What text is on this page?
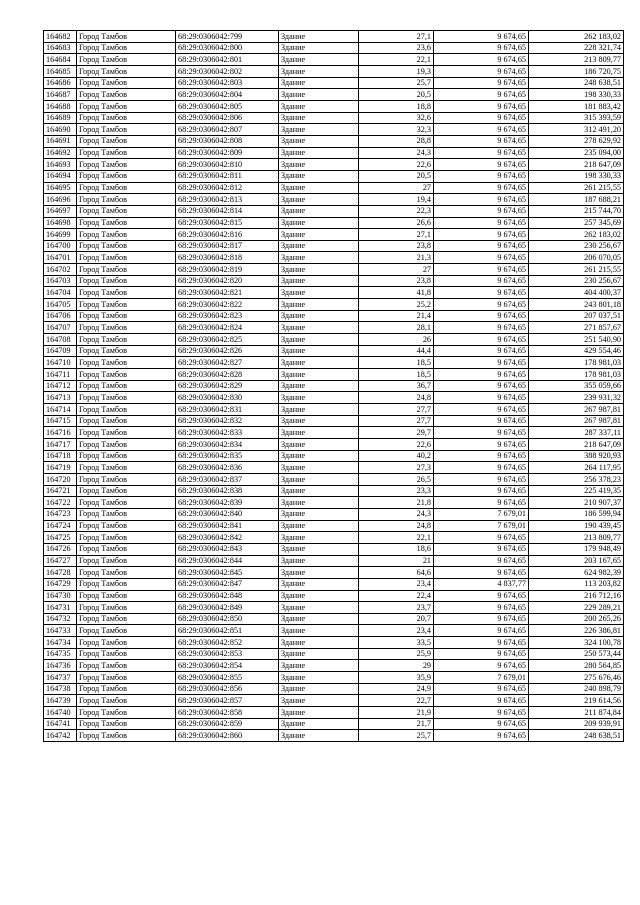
164682	Город Тамбов	68:29:0306042:799	Здание	27,1	9 674,65	262 183,02
164683	Город Тамбов	68:29:0306042:800	Здание	23,6	9 674,65	228 321,74
164684	Город Тамбов	68:29:0306042:801	Здание	22,1	9 674,65	213 809,77
164685	Город Тамбов	68:29:0306042:802	Здание	19,3	9 674,65	186 720,75
164686	Город Тамбов	68:29:0306042:803	Здание	25,7	9 674,65	248 638,51
164687	Город Тамбов	68:29:0306042:804	Здание	20,5	9 674,65	198 330,33
164688	Город Тамбов	68:29:0306042:805	Здание	18,8	9 674,65	181 883,42
164689	Город Тамбов	68:29:0306042:806	Здание	32,6	9 674,65	315 393,59
164690	Город Тамбов	68:29:0306042:807	Здание	32,3	9 674,65	312 491,20
164691	Город Тамбов	68:29:0306042:808	Здание	28,8	9 674,65	278 629,92
164692	Город Тамбов	68:29:0306042:809	Здание	24,3	9 674,65	235 094,00
164693	Город Тамбов	68:29:0306042:810	Здание	22,6	9 674,65	218 647,09
164694	Город Тамбов	68:29:0306042:811	Здание	20,5	9 674,65	198 330,33
164695	Город Тамбов	68:29:0306042:812	Здание	27	9 674,65	261 215,55
164696	Город Тамбов	68:29:0306042:813	Здание	19,4	9 674,65	187 688,21
164697	Город Тамбов	68:29:0306042:814	Здание	22,3	9 674,65	215 744,70
164698	Город Тамбов	68:29:0306042:815	Здание	26,6	9 674,65	257 345,69
164699	Город Тамбов	68:29:0306042:816	Здание	27,1	9 674,65	262 183,02
164700	Город Тамбов	68:29:0306042:817	Здание	23,8	9 674,65	230 256,67
164701	Город Тамбов	68:29:0306042:818	Здание	21,3	9 674,65	206 070,05
164702	Город Тамбов	68:29:0306042:819	Здание	27	9 674,65	261 215,55
164703	Город Тамбов	68:29:0306042:820	Здание	23,8	9 674,65	230 256,67
164704	Город Тамбов	68:29:0306042:821	Здание	41,8	9 674,65	404 400,37
164705	Город Тамбов	68:29:0306042:822	Здание	25,2	9 674,65	243 801,18
164706	Город Тамбов	68:29:0306042:823	Здание	21,4	9 674,65	207 037,51
164707	Город Тамбов	68:29:0306042:824	Здание	28,1	9 674,65	271 857,67
164708	Город Тамбов	68:29:0306042:825	Здание	26	9 674,65	251 540,90
164709	Город Тамбов	68:29:0306042:826	Здание	44,4	9 674,65	429 554,46
164710	Город Тамбов	68:29:0306042:827	Здание	18,5	9 674,65	178 981,03
164711	Город Тамбов	68:29:0306042:828	Здание	18,5	9 674,65	178 981,03
164712	Город Тамбов	68:29:0306042:829	Здание	36,7	9 674,65	355 059,66
164713	Город Тамбов	68:29:0306042:830	Здание	24,8	9 674,65	239 931,32
164714	Город Тамбов	68:29:0306042:831	Здание	27,7	9 674,65	267 987,81
164715	Город Тамбов	68:29:0306042:832	Здание	27,7	9 674,65	267 987,81
164716	Город Тамбов	68:29:0306042:833	Здание	29,7	9 674,65	287 337,11
164717	Город Тамбов	68:29:0306042:834	Здание	22,6	9 674,65	218 647,09
164718	Город Тамбов	68:29:0306042:835	Здание	40,2	9 674,65	388 920,93
164719	Город Тамбов	68:29:0306042:836	Здание	27,3	9 674,65	264 117,95
164720	Город Тамбов	68:29:0306042:837	Здание	26,5	9 674,65	256 378,23
164721	Город Тамбов	68:29:0306042:838	Здание	23,3	9 674,65	225 419,35
164722	Город Тамбов	68:29:0306042:839	Здание	21,8	9 674,65	210 907,37
164723	Город Тамбов	68:29:0306042:840	Здание	24,3	7 679,01	186 599,94
164724	Город Тамбов	68:29:0306042:841	Здание	24,8	7 679,01	190 439,45
164725	Город Тамбов	68:29:0306042:842	Здание	22,1	9 674,65	213 809,77
164726	Город Тамбов	68:29:0306042:843	Здание	18,6	9 674,65	179 948,49
164727	Город Тамбов	68:29:0306042:844	Здание	21	9 674,65	203 167,65
164728	Город Тамбов	68:29:0306042:845	Здание	64,6	9 674,65	624 982,39
164729	Город Тамбов	68:29:0306042:847	Здание	23,4	4 837,77	113 203,82
164730	Город Тамбов	68:29:0306042:848	Здание	22,4	9 674,65	216 712,16
164731	Город Тамбов	68:29:0306042:849	Здание	23,7	9 674,65	229 289,21
164732	Город Тамбов	68:29:0306042:850	Здание	20,7	9 674,65	200 265,26
164733	Город Тамбов	68:29:0306042:851	Здание	23,4	9 674,65	226 386,81
164734	Город Тамбов	68:29:0306042:852	Здание	33,5	9 674,65	324 100,78
164735	Город Тамбов	68:29:0306042:853	Здание	25,9	9 674,65	250 573,44
164736	Город Тамбов	68:29:0306042:854	Здание	29	9 674,65	280 564,85
164737	Город Тамбов	68:29:0306042:855	Здание	35,9	7 679,01	275 676,46
164738	Город Тамбов	68:29:0306042:856	Здание	24,9	9 674,65	240 898,79
164739	Город Тамбов	68:29:0306042:857	Здание	22,7	9 674,65	219 614,56
164740	Город Тамбов	68:29:0306042:858	Здание	21,9	9 674,65	211 874,84
164741	Город Тамбов	68:29:0306042:859	Здание	21,7	9 674,65	209 939,91
164742	Город Тамбов	68:29:0306042:860	Здание	25,7	9 674,65	248 638,51
